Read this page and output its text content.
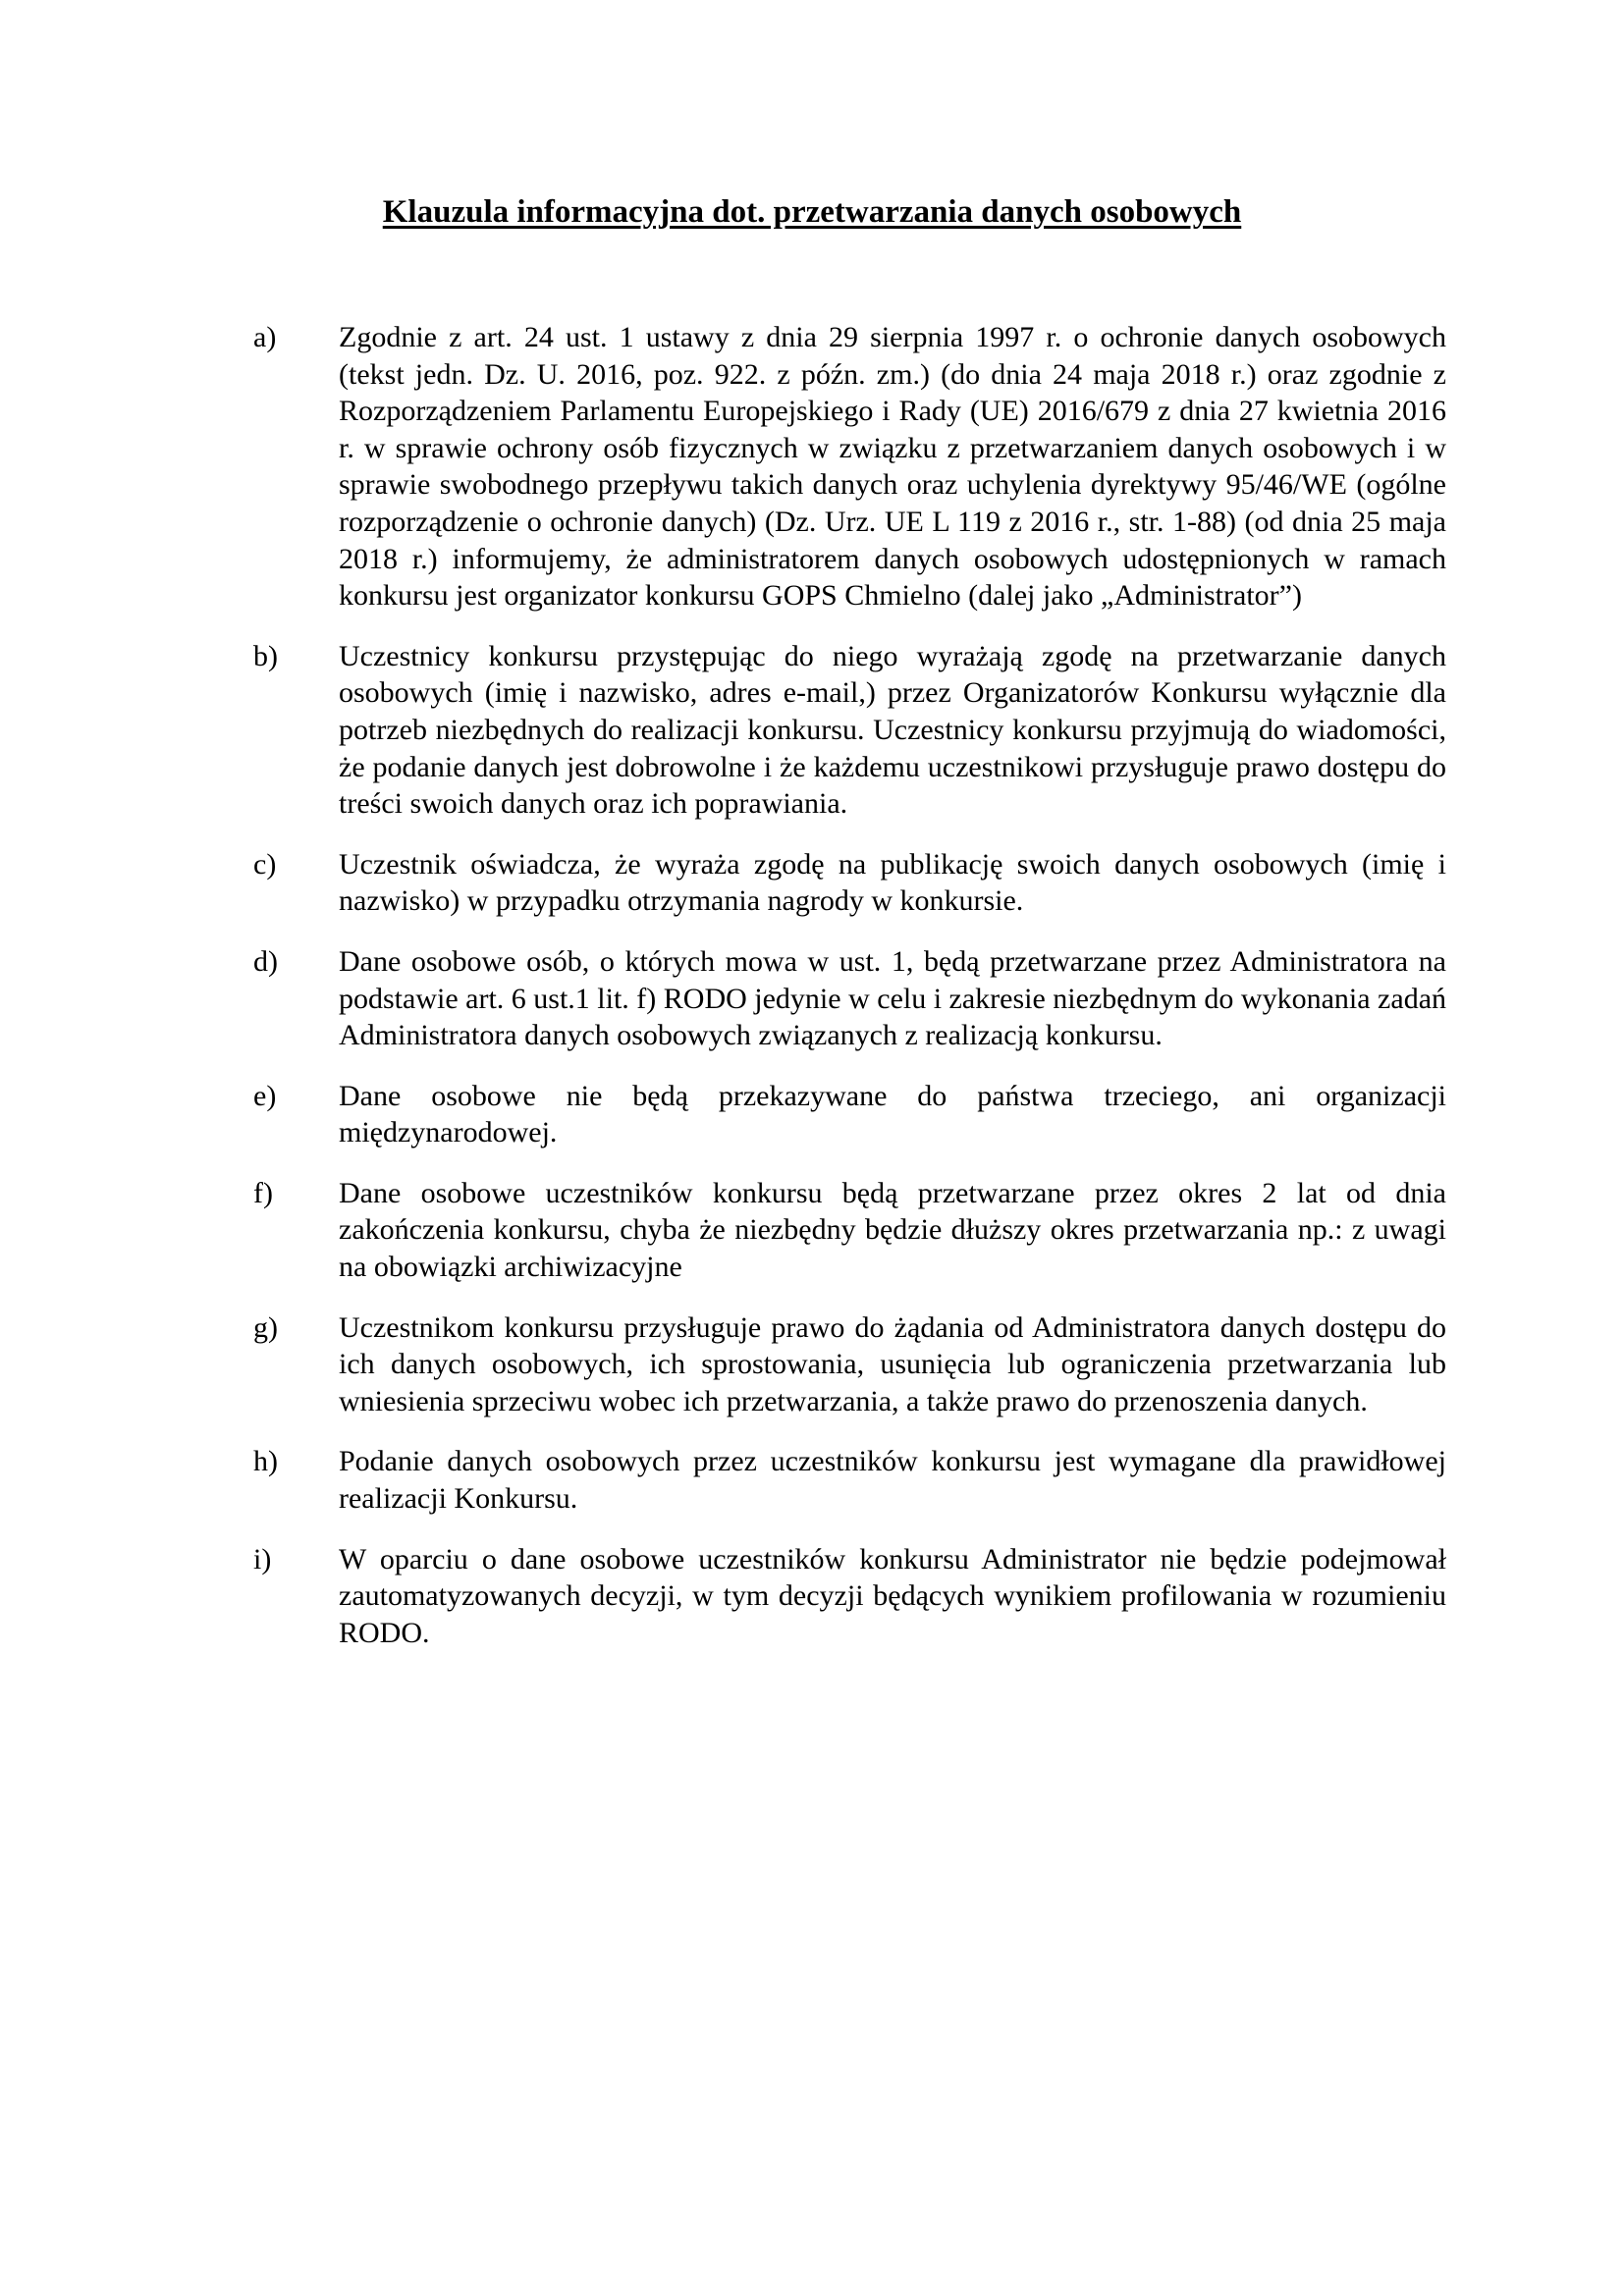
Klauzula informacyjna dot. przetwarzania danych osobowych
a) Zgodnie z art. 24 ust. 1 ustawy z dnia 29 sierpnia 1997 r. o ochronie danych osobowych (tekst jedn. Dz. U. 2016, poz. 922. z późn. zm.) (do dnia 24 maja 2018 r.) oraz zgodnie z Rozporządzeniem Parlamentu Europejskiego i Rady (UE) 2016/679 z dnia 27 kwietnia 2016 r. w sprawie ochrony osób fizycznych w związku z przetwarzaniem danych osobowych i w sprawie swobodnego przepływu takich danych oraz uchylenia dyrektywy 95/46/WE (ogólne rozporządzenie o ochronie danych) (Dz. Urz. UE L 119 z 2016 r., str. 1-88) (od dnia 25 maja 2018 r.) informujemy, że administratorem danych osobowych udostępnionych w ramach konkursu jest organizator konkursu GOPS Chmielno (dalej jako „Administrator”)
b) Uczestnicy konkursu przystępując do niego wyrażają zgodę na przetwarzanie danych osobowych (imię i nazwisko, adres e-mail,) przez Organizatorów Konkursu wyłącznie dla potrzeb niezbędnych do realizacji konkursu. Uczestnicy konkursu przyjmują do wiadomości, że podanie danych jest dobrowolne i że każdemu uczestnikowi przysługuje prawo dostępu do treści swoich danych oraz ich poprawiania.
c) Uczestnik oświadcza, że wyraża zgodę na publikację swoich danych osobowych (imię i nazwisko) w przypadku otrzymania nagrody w konkursie.
d) Dane osobowe osób, o których mowa w ust. 1, będą przetwarzane przez Administratora na podstawie art. 6 ust.1 lit. f) RODO jedynie w celu i zakresie niezbędnym do wykonania zadań Administratora danych osobowych związanych z realizacją konkursu.
e) Dane osobowe nie będą przekazywane do państwa trzeciego, ani organizacji międzynarodowej.
f) Dane osobowe uczestników konkursu będą przetwarzane przez okres 2 lat od dnia zakończenia konkursu, chyba że niezbędny będzie dłuższy okres przetwarzania np.: z uwagi na obowiązki archiwizacyjne
g) Uczestnikom konkursu przysługuje prawo do żądania od Administratora danych dostępu do ich danych osobowych, ich sprostowania, usunięcia lub ograniczenia przetwarzania lub wniesienia sprzeciwu wobec ich przetwarzania, a także prawo do przenoszenia danych.
h) Podanie danych osobowych przez uczestników konkursu jest wymagane dla prawidłowej realizacji Konkursu.
i) W oparciu o dane osobowe uczestników konkursu Administrator nie będzie podejmował zautomatyzowanych decyzji, w tym decyzji będących wynikiem profilowania w rozumieniu RODO.
